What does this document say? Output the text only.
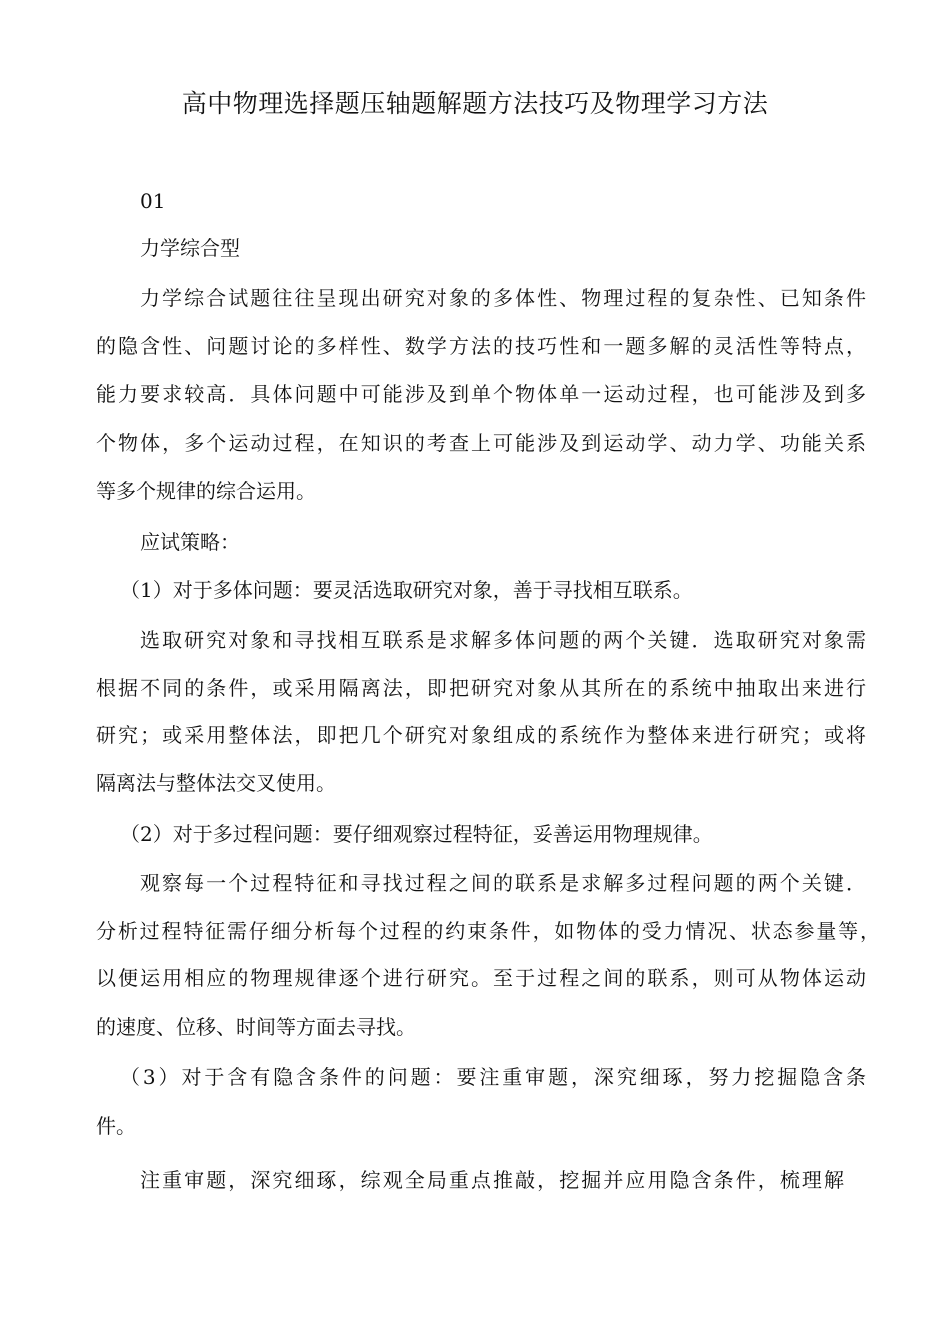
高中物理选择题压轴题解题方法技巧及物理学习方法
01
力学综合型
力学综合试题往往呈现出研究对象的多体性、物理过程的复杂性、已知条件
的隐含性、问题讨论的多样性、数学方法的技巧性和一题多解的灵活性等特点，
能力要求较高．具体问题中可能涉及到单个物体单一运动过程，也可能涉及到多
个物体，多个运动过程，在知识的考查上可能涉及到运动学、动力学、功能关系
等多个规律的综合运用。
应试策略：
（1）对于多体问题：要灵活选取研究对象，善于寻找相互联系。
选取研究对象和寻找相互联系是求解多体问题的两个关键．选取研究对象需
根据不同的条件，或采用隔离法，即把研究对象从其所在的系统中抽取出来进行
研究；或采用整体法，即把几个研究对象组成的系统作为整体来进行研究；或将
隔离法与整体法交叉使用。
（2）对于多过程问题：要仔细观察过程特征，妥善运用物理规律。
观察每一个过程特征和寻找过程之间的联系是求解多过程问题的两个关键．
分析过程特征需仔细分析每个过程的约束条件，如物体的受力情况、状态参量等，
以便运用相应的物理规律逐个进行研究。至于过程之间的联系，则可从物体运动
的速度、位移、时间等方面去寻找。
（3）对于含有隐含条件的问题：要注重审题，深究细琢，努力挖掘隐含条
件。
注重审题，深究细琢，综观全局重点推敲，挖掘并应用隐含条件，梳理解
